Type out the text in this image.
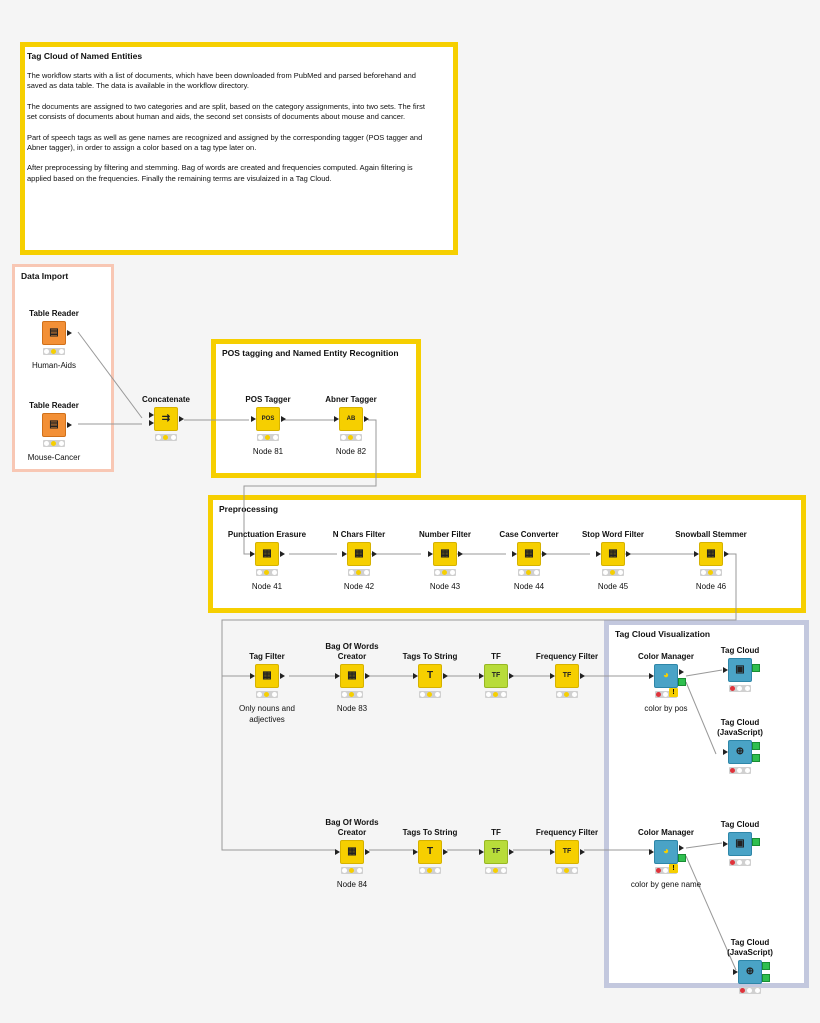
Tag Cloud of Named Entities

The workflow starts with a list of documents, which have been downloaded from PubMed and parsed beforehand and saved as data table. The data is available in the workflow directory.

The documents are assigned to two categories and are split, based on the category assignments, into two sets. The first set consists of documents about human and aids, the second set consists of documents about mouse and cancer.

Part of speech tags as well as gene names are recognized and assigned by the corresponding tagger (POS tagger and Abner tagger), in order to assign a color based on a tag type later on.

After preprocessing by filtering and stemming. Bag of words are created and frequencies computed. Again filtering is applied based on the frequencies. Finally the remaining terms are visulaized in a Tag Cloud.

Data Import
POS tagging and Named Entity Recognition
Preprocessing
Tag Cloud Visualization
Table Reader
▤
Human-Aids
Table Reader
▤
Mouse-Cancer
Concatenate
⇉
POS Tagger
POS
Node 81
Abner Tagger
AB
Node 82
Punctuation Erasure
▦
Node 41
N Chars Filter
▦
Node 42
Number Filter
▦
Node 43
Case Converter
▦
Node 44
Stop Word Filter
▦
Node 45
Snowball Stemmer
▦
Node 46
Tag Filter
▦
Only nouns and adjectives
Bag Of Words Creator
▦
Node 83
Tags To String
T
TF
TF
Frequency Filter
TF
Color Manager
◕
!
color by pos
Tag Cloud
▣
Tag Cloud (JavaScript)
⊕
Bag Of Words Creator
▦
Node 84
Tags To String
T
TF
TF
Frequency Filter
TF
Color Manager
◕
!
color by gene name
Tag Cloud
▣
Tag Cloud (JavaScript)
⊕
